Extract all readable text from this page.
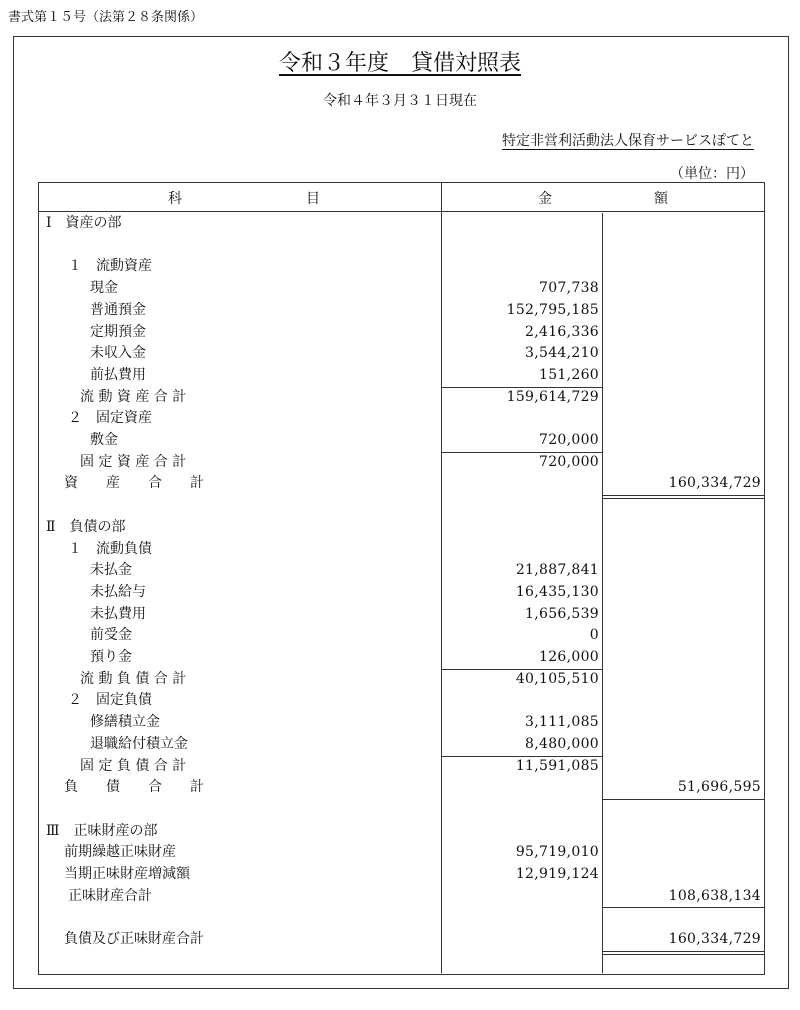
書式第１５号（法第２８条関係）
令和３年度　貸借対照表
令和４年３月３１日現在
特定非営利活動法人保育サービスぽてと
（単位：円）
科	目	金	額
Ⅰ　資産の部
１　流動資産
現金	707,738
普通預金	152,795,185
定期預金	2,416,336
未収入金	3,544,210
前払費用	151,260
流 動 資 産 合 計	159,614,729
２　固定資産
敷金	720,000
固 定 資 産 合 計	720,000
資　　産　　合　　計	160,334,729
Ⅱ　負債の部
１　流動負債
未払金	21,887,841
未払給与	16,435,130
未払費用	1,656,539
前受金	0
預り金	126,000
流 動 負 債 合 計	40,105,510
２　固定負債
修繕積立金	3,111,085
退職給付積立金	8,480,000
固 定 負 債 合 計	11,591,085
負　　債　　合　　計	51,696,595
Ⅲ　正味財産の部
前期繰越正味財産	95,719,010
当期正味財産増減額	12,919,124
正味財産合計	108,638,134
負債及び正味財産合計	160,334,729
